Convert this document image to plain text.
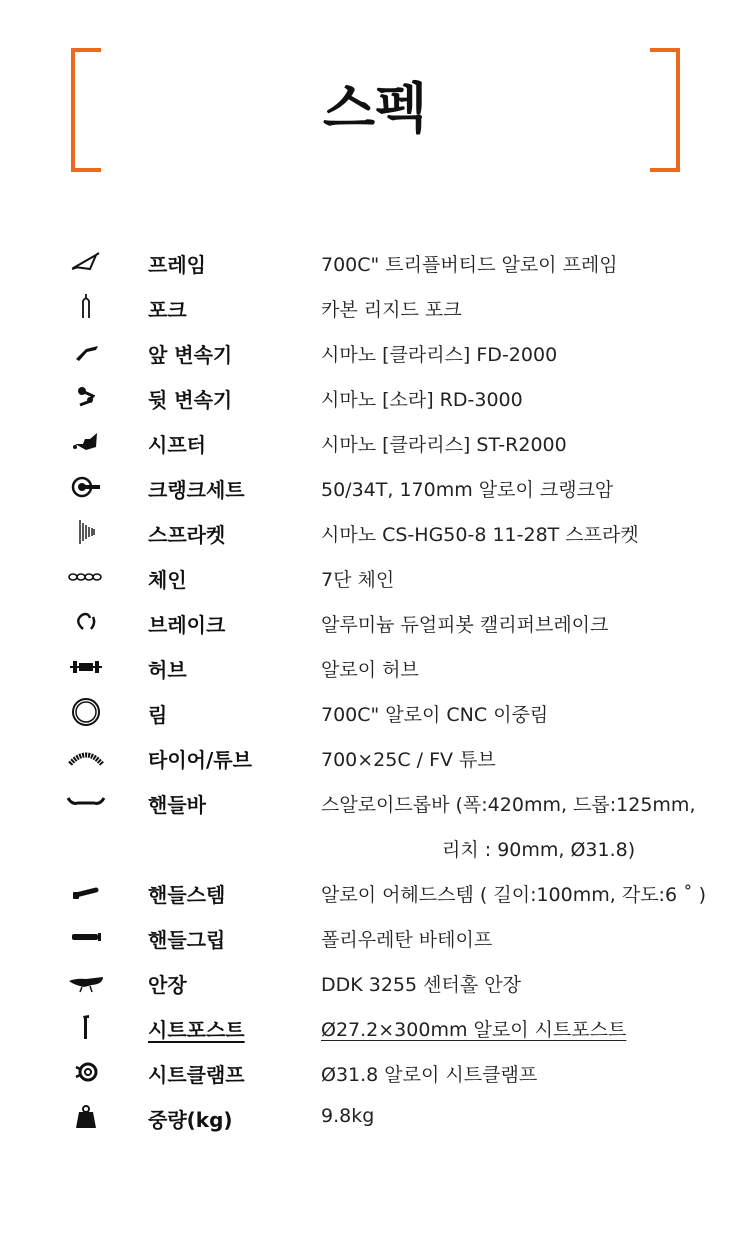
스펙
프레임	700C" 트리플버티드 알로이 프레임
포크	카본 리지드 포크
앞 변속기	시마노 [클라리스] FD-2000
뒷 변속기	시마노 [소라] RD-3000
시프터	시마노 [클라리스] ST-R2000
크랭크세트	50/34T, 170mm 알로이 크랭크암
스프라켓	시마노 CS-HG50-8 11-28T 스프라켓
체인	7단 체인
브레이크	알루미늄 듀얼피봇 캘리퍼브레이크
허브	알로이 허브
림	700C" 알로이 CNC 이중림
타이어/튜브	700×25C / FV 튜브
핸들바	스알로이드롭바 (폭:420mm, 드롭:125mm,
리치 : 90mm, Ø31.8)
핸들스템	알로이 어헤드스템 ( 길이:100mm, 각도:6 ˚ )
핸들그립	폴리우레탄 바테이프
안장	DDK 3255 센터홀 안장
시트포스트	Ø27.2×300mm 알로이 시트포스트
시트클램프	Ø31.8 알로이 시트클램프
중량(kg)	9.8kg
